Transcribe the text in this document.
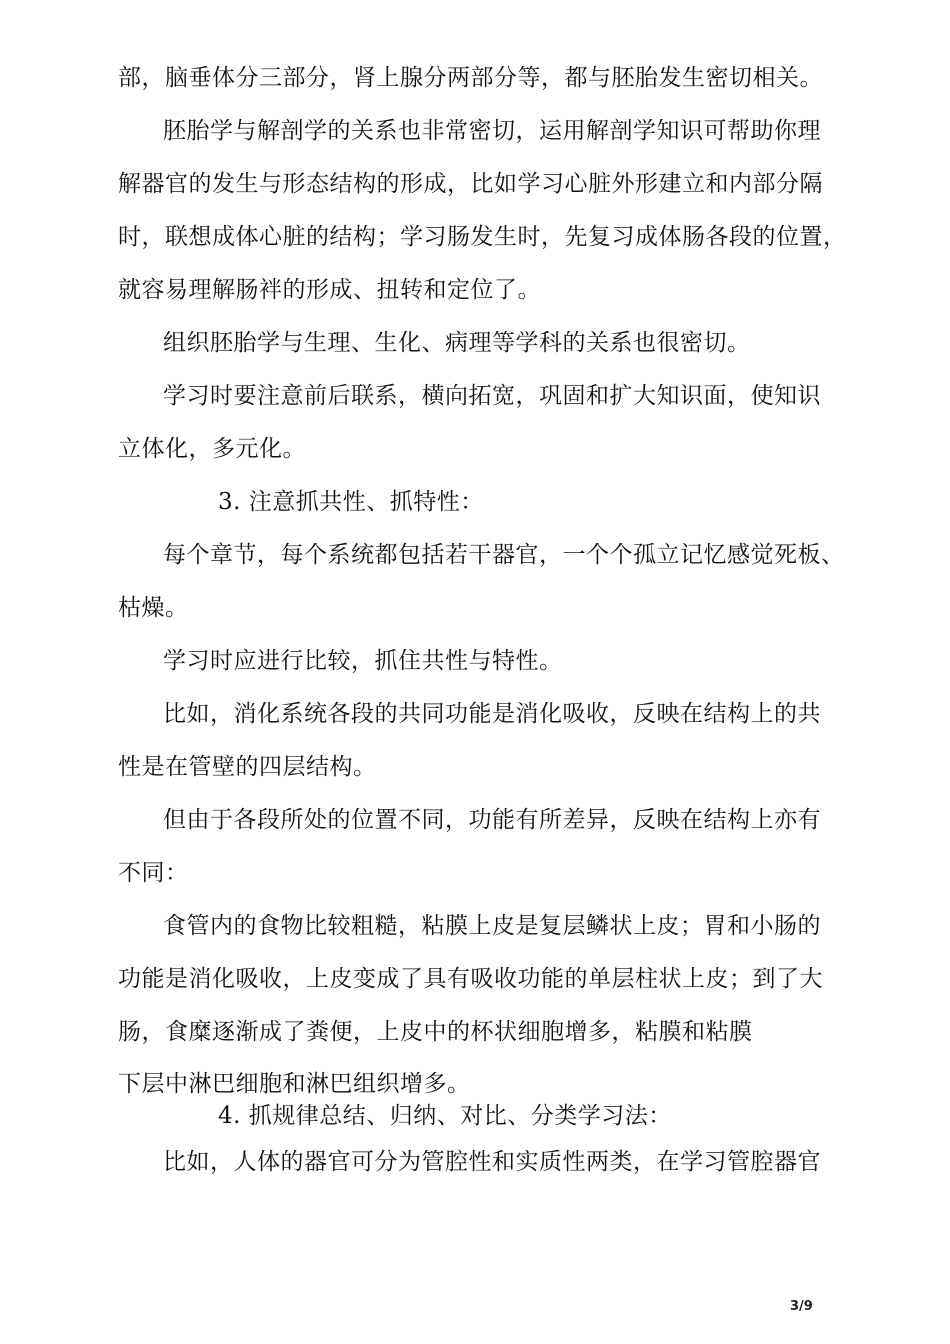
部，脑垂体分三部分，肾上腺分两部分等，都与胚胎发生密切相关。
胚胎学与解剖学的关系也非常密切，运用解剖学知识可帮助你理
解器官的发生与形态结构的形成，比如学习心脏外形建立和内部分隔
时，联想成体心脏的结构；学习肠发生时，先复习成体肠各段的位置，
就容易理解肠袢的形成、扭转和定位了。
组织胚胎学与生理、生化、病理等学科的关系也很密切。
学习时要注意前后联系，横向拓宽，巩固和扩大知识面，使知识
立体化，多元化。
3. 注意抓共性、抓特性：
每个章节，每个系统都包括若干器官，一个个孤立记忆感觉死板、
枯燥。
学习时应进行比较，抓住共性与特性。
比如，消化系统各段的共同功能是消化吸收，反映在结构上的共
性是在管壁的四层结构。
但由于各段所处的位置不同，功能有所差异，反映在结构上亦有
不同：
食管内的食物比较粗糙，粘膜上皮是复层鳞状上皮；胃和小肠的
功能是消化吸收，上皮变成了具有吸收功能的单层柱状上皮；到了大
肠，食糜逐渐成了粪便，上皮中的杯状细胞增多，粘膜和粘膜
下层中淋巴细胞和淋巴组织增多。
4. 抓规律总结、归纳、对比、分类学习法：
比如，人体的器官可分为管腔性和实质性两类，在学习管腔器官
3/9
